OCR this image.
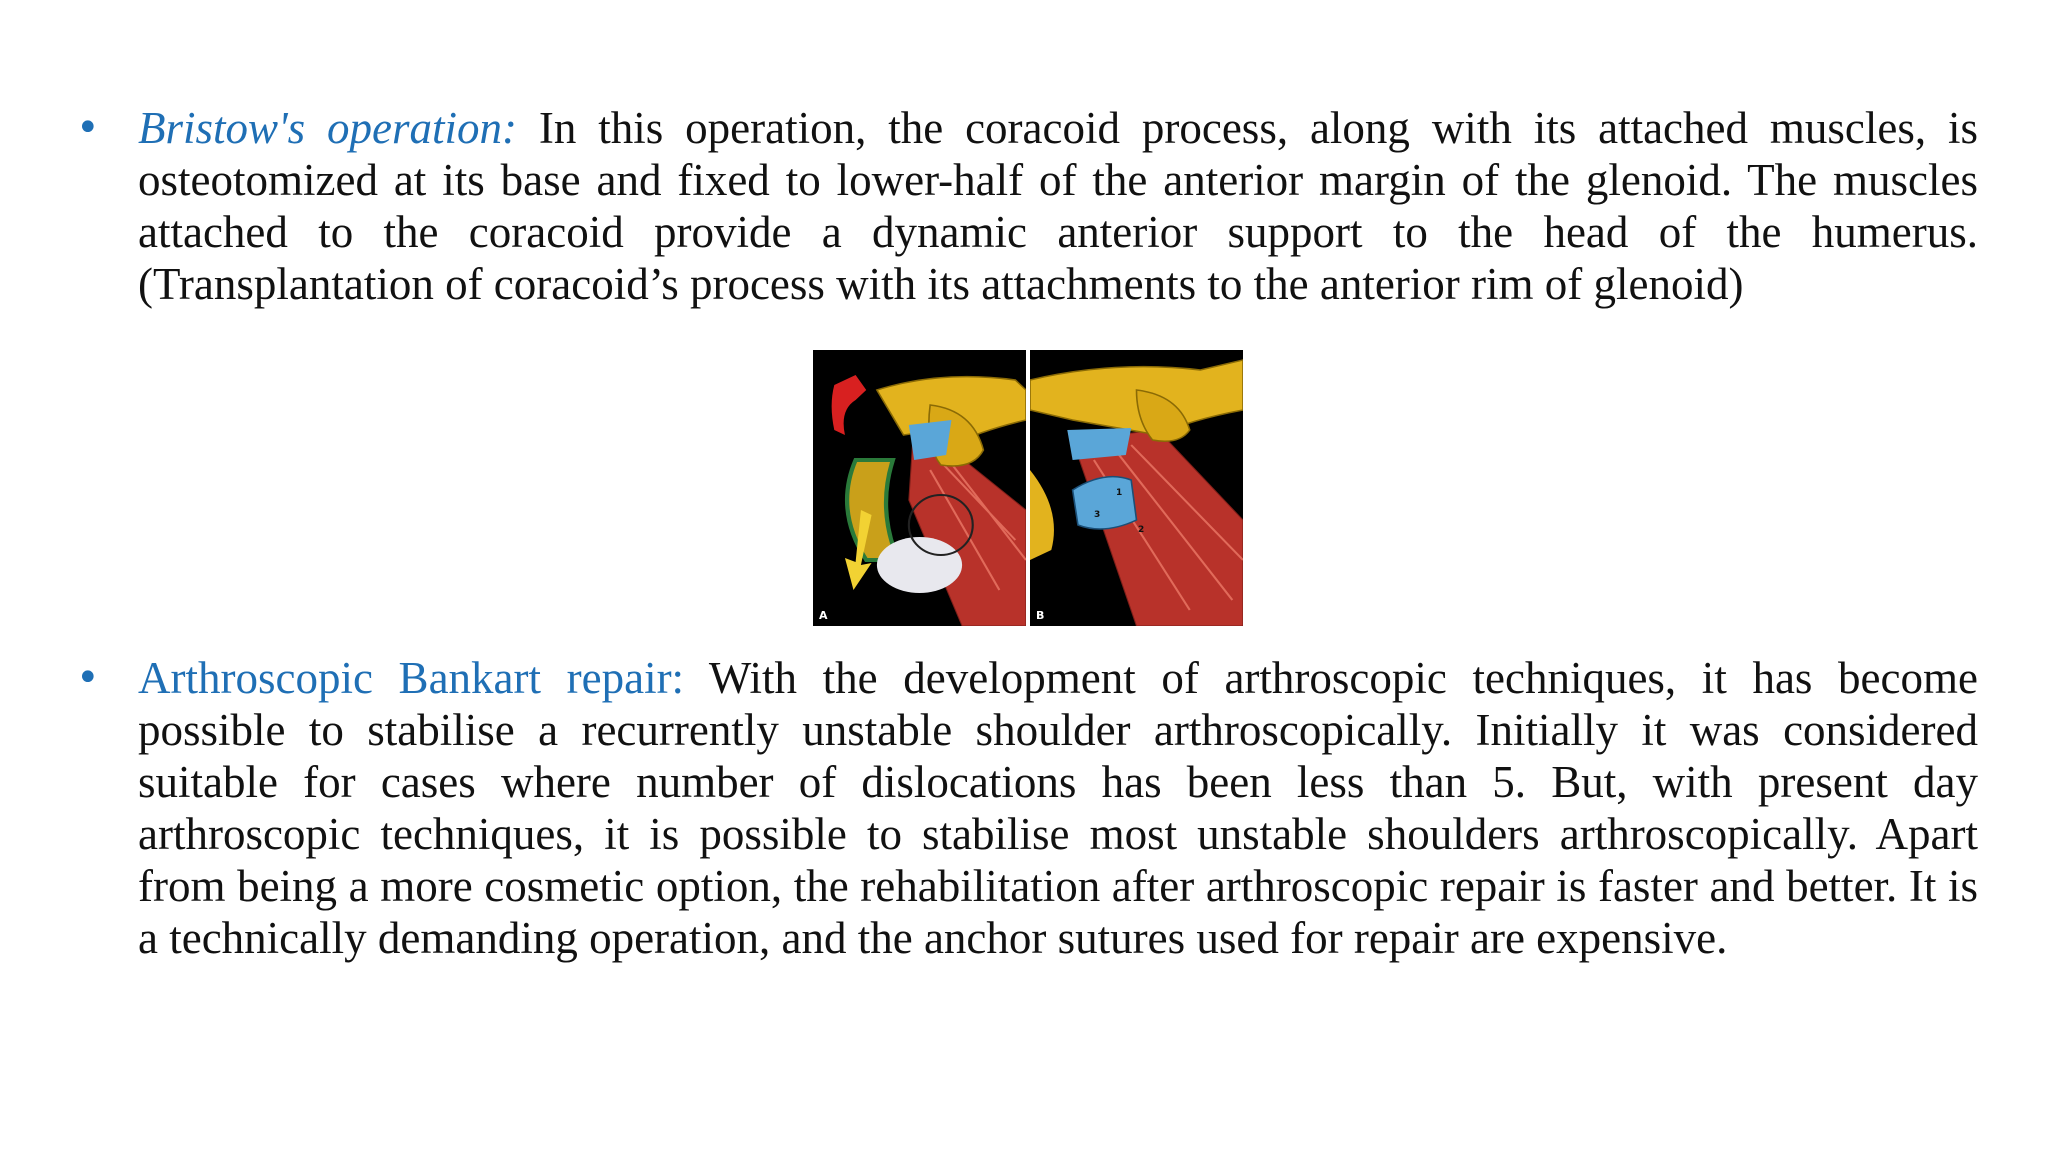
• Bristow's operation: In this operation, the coracoid process, along with its attached muscles, is osteotomized at its base and fixed to lower-half of the anterior margin of the glenoid. The muscles attached to the coracoid provide a dynamic anterior support to the head of the humerus. (Transplantation of coracoid’s process with its attachments to the anterior rim of glenoid)
A
1
2
3
B
• Arthroscopic Bankart repair: With the development of arthroscopic techniques, it has become possible to stabilise a recurrently unstable shoulder arthroscopically. Initially it was considered suitable for cases where number of dislocations has been less than 5. But, with present day arthroscopic techniques, it is possible to stabilise most unstable shoulders arthroscopically. Apart from being a more cosmetic option, the rehabilitation after arthroscopic repair is faster and better. It is a technically demanding operation, and the anchor sutures used for repair are expensive.
